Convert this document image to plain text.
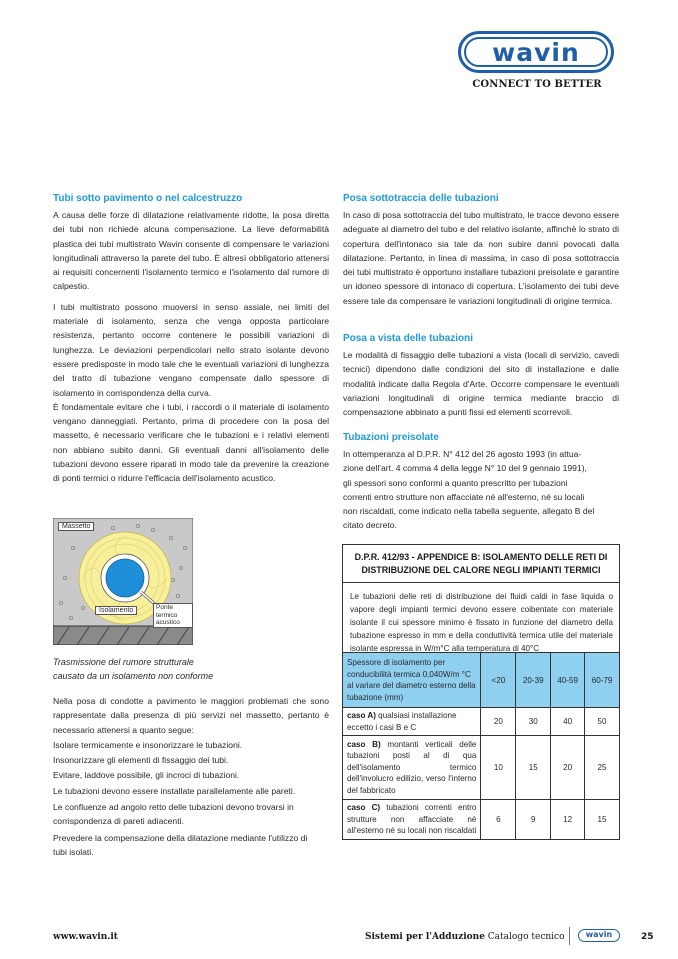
wavin
CONNECT TO BETTER
Tubi sotto pavimento o nel calcestruzzo

A causa delle forze di dilatazione relativamente ridotte, la posa diretta dei tubi non richiede alcuna compensazione. La lieve deformabilità plastica dei tubi multistrato Wavin consente di compensare le variazioni longitudinali attraverso la parete del tubo. È altresì obbligatorio attenersi ai requisiti concernenti l'isolamento termico e l'isolamento dal rumore di calpestio.

I tubi multistrato possono muoversi in senso assiale, nei limiti del materiale di isolamento, senza che venga opposta particolare resistenza, pertanto occorre contenere le possibili variazioni di lunghezza. Le deviazioni perpendicolari nello strato isolante devono essere predisposte in modo tale che le eventuali variazioni di lunghezza del tratto di tubazione vengano compensate dallo spessore di isolamento in corrispondenza della curva.

È fondamentale evitare che i tubi, i raccordi o il materiale di isolamento vengano danneggiati. Pertanto, prima di procedere con la posa del massetto, è necessario verificare che le tubazioni e i relativi elementi non abbiano subito danni. Gli eventuali danni all'isolamento delle tubazioni devono essere riparati in modo tale da prevenire la creazione di ponti termici o ridurre l'efficacia dell'isolamento acustico.

Massetto
Isolamento	Ponte
termico
acustico
Trasmissione del rumore strutturale
causato da un isolamento non conforme

Nella posa di condotte a pavimento le maggiori problemati che sono rappresentate dalla presenza di più servizi nel massetto, pertanto è necessario attenersi a quanto segue:

Isolare termicamente e insonorizzare le tubazioni.

Insonorizzare gli elementi di fissaggio dei tubi.

Evitare, laddove possibile, gli incroci di tubazioni.

Le tubazioni devono essere installate parallelamente alle pareti.

Le confluenze ad angolo retto delle tubazioni devono trovarsi in corrispondenza di pareti adiacenti.

Prevedere la compensazione della dilatazione mediante l'utilizzo di tubi isolati.

Posa sottotraccia delle tubazioni

In caso di posa sottotraccia del tubo multistrato, le tracce devono essere adeguate al diametro del tubo e del relativo isolante, affinchè lo strato di copertura dell'intonaco sia tale da non subire danni povocati dalla dilatazione. Pertanto, in linea di massima, in caso di posa sottotraccia dei tubi multistrato è opportuno installare tubazioni preisolate e garantire un idoneo spessore di intonaco di copertura. L'isolamento dei tubi deve essere tale da compensare le variazioni longitudinali di origine termica.

Posa a vista delle tubazioni

Le modalità di fissaggio delle tubazioni a vista (locali di servizio, cavedi tecnici) dipendono dalle condizioni del sito di installazione e dalle modalità indicate dalla Regola d'Arte. Occorre compensare le eventuali variazioni longitudinali di origine termica mediante braccio di compensazione abbinato a punti fissi ed elementi scorrevoli.

Tubazioni preisolate
In ottemperanza al D.P.R. N° 412 del 26 agosto 1993 (in attua-
zione dell'art. 4 comma 4 della legge N° 10 del 9 gennaio 1991),
gli spessori sono conformi a quanto prescritto per tubazioni
correnti entro strutture non affacciate né all'esterno, né su locali
non riscaldati, come indicato nella tabella seguente, allegato B del
citato decreto.
D.P.R. 412/93 - APPENDICE B: ISOLAMENTO DELLE RETI DI
DISTRIBUZIONE DEL CALORE NEGLI IMPIANTI TERMICI
Le tubazioni delle reti di distribuzione dei fluidi caldi in fase liquida o vapore degli impianti termici devono essere coibentate con materiale isolante il cui spessore minimo è fissato in funzione del diametro della tubazione espresso in mm e della conduttività termica utile del materiale isolante espressa in W/m°C alla temperatura di 40°C
Spessore di isolamento per conducibilità termica 0,040W/m °C al variare del diametro esterno della tubazione (mm)	<20	20-39	40-59	60-79
caso A) qualsiasi installazione eccetto i casi B e C	20	30	40	50
caso B) montanti verticali delle tubazioni posti al di qua dell'isolamento termico dell'involucro edilizio, verso l'interno del fabbricato	10	15	20	25
caso C) tubazioni correnti entro strutture non affacciate né all'esterno né su locali non riscaldati	6	9	12	15
www.wavin.it	Sistemi per l'Adduzione Catalogo tecnico	wavin	25
